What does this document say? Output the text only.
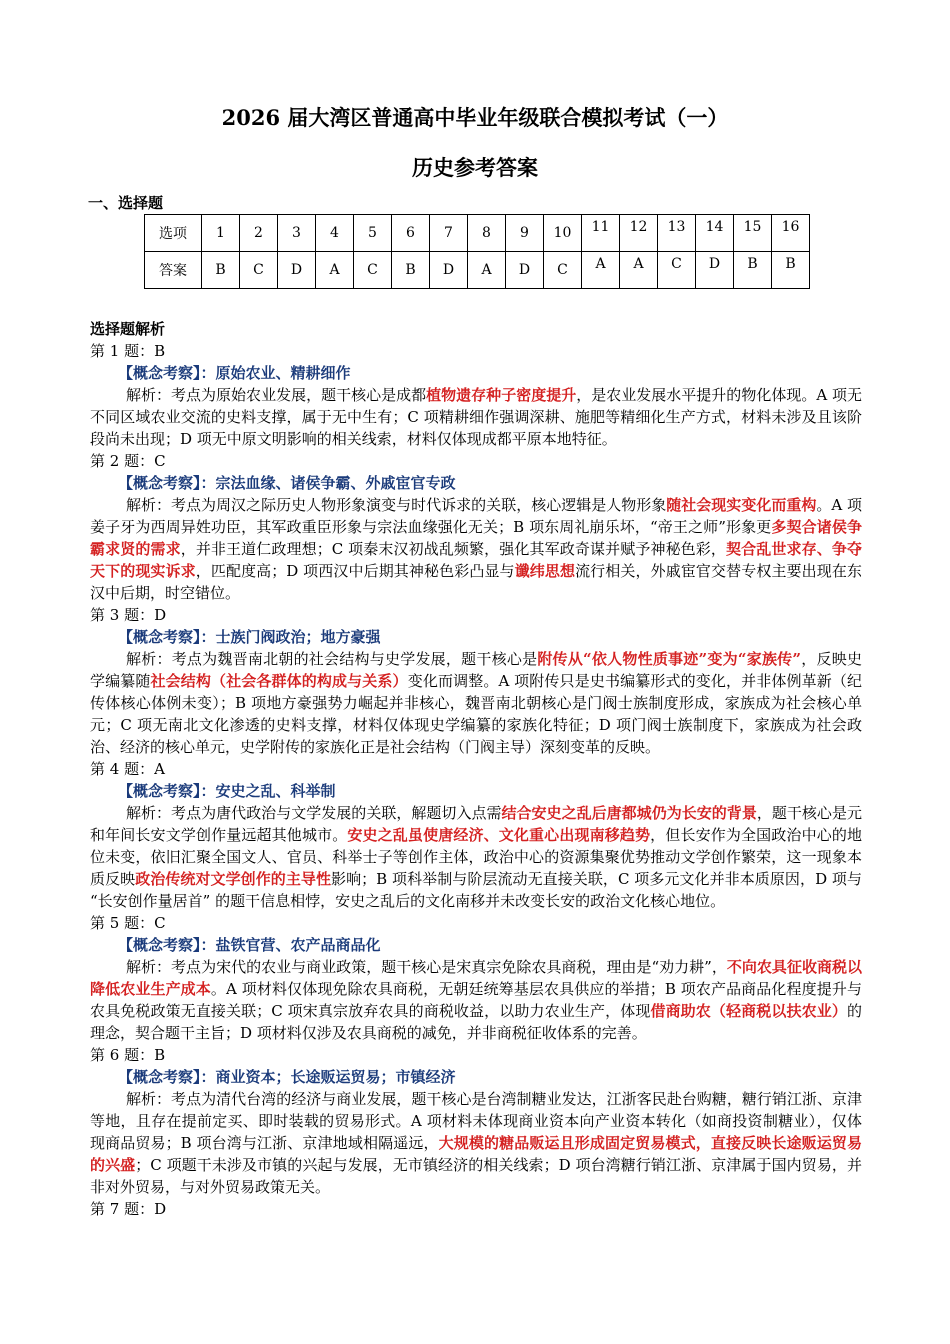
2026 届大湾区普通高中毕业年级联合模拟考试（一）
历史参考答案
一、选择题
选项	1	2	3	4	5	6	7	8	9	10	11	12	13	14	15	16
答案	B	C	D	A	C	B	D	A	D	C	A	A	C	D	B	B
选择题解析
第 1 题：B
【概念考察】：原始农业、精耕细作
解析：考点为原始农业发展，题干核心是成都植物遗存种子密度提升，是农业发展水平提升的物化体现。A 项无不同区域农业交流的史料支撑，属于无中生有；C 项精耕细作强调深耕、施肥等精细化生产方式，材料未涉及且该阶段尚未出现；D 项无中原文明影响的相关线索，材料仅体现成都平原本地特征。
第 2 题：C
【概念考察】：宗法血缘、诸侯争霸、外戚宦官专政
解析：考点为周汉之际历史人物形象演变与时代诉求的关联，核心逻辑是人物形象随社会现实变化而重构。A 项姜子牙为西周异姓功臣，其军政重臣形象与宗法血缘强化无关；B 项东周礼崩乐坏，“帝王之师”形象更多契合诸侯争霸求贤的需求，并非王道仁政理想；C 项秦末汉初战乱频繁，强化其军政奇谋并赋予神秘色彩，契合乱世求存、争夺天下的现实诉求，匹配度高；D 项西汉中后期其神秘色彩凸显与谶纬思想流行相关，外戚宦官交替专权主要出现在东汉中后期，时空错位。
第 3 题：D
【概念考察】：士族门阀政治；地方豪强
解析：考点为魏晋南北朝的社会结构与史学发展，题干核心是附传从“依人物性质事迹”变为“家族传”，反映史学编纂随社会结构（社会各群体的构成与关系）变化而调整。A 项附传只是史书编纂形式的变化，并非体例革新（纪传体核心体例未变）；B 项地方豪强势力崛起并非核心，魏晋南北朝核心是门阀士族制度形成，家族成为社会核心单元；C 项无南北文化渗透的史料支撑，材料仅体现史学编纂的家族化特征；D 项门阀士族制度下，家族成为社会政治、经济的核心单元，史学附传的家族化正是社会结构（门阀主导）深刻变革的反映。
第 4 题：A
【概念考察】：安史之乱、科举制
解析：考点为唐代政治与文学发展的关联，解题切入点需结合安史之乱后唐都城仍为长安的背景，题干核心是元和年间长安文学创作量远超其他城市。安史之乱虽使唐经济、文化重心出现南移趋势，但长安作为全国政治中心的地位未变，依旧汇聚全国文人、官员、科举士子等创作主体，政治中心的资源集聚优势推动文学创作繁荣，这一现象本质反映政治传统对文学创作的主导性影响；B 项科举制与阶层流动无直接关联，C 项多元文化并非本质原因，D 项与 “长安创作量居首” 的题干信息相悖，安史之乱后的文化南移并未改变长安的政治文化核心地位。
第 5 题：C
【概念考察】：盐铁官营、农产品商品化
解析：考点为宋代的农业与商业政策，题干核心是宋真宗免除农具商税，理由是“劝力耕”，不向农具征收商税以降低农业生产成本。A 项材料仅体现免除农具商税，无朝廷统筹基层农具供应的举措；B 项农产品商品化程度提升与农具免税政策无直接关联；C 项宋真宗放弃农具的商税收益，以助力农业生产，体现借商助农（轻商税以扶农业）的理念，契合题干主旨；D 项材料仅涉及农具商税的减免，并非商税征收体系的完善。
第 6 题：B
【概念考察】：商业资本；长途贩运贸易；市镇经济
解析：考点为清代台湾的经济与商业发展，题干核心是台湾制糖业发达，江浙客民赴台购糖，糖行销江浙、京津等地，且存在提前定买、即时装载的贸易形式。A 项材料未体现商业资本向产业资本转化（如商投资制糖业），仅体现商品贸易；B 项台湾与江浙、京津地域相隔遥远，大规模的糖品贩运且形成固定贸易模式，直接反映长途贩运贸易的兴盛；C 项题干未涉及市镇的兴起与发展，无市镇经济的相关线索；D 项台湾糖行销江浙、京津属于国内贸易，并非对外贸易，与对外贸易政策无关。
第 7 题：D
